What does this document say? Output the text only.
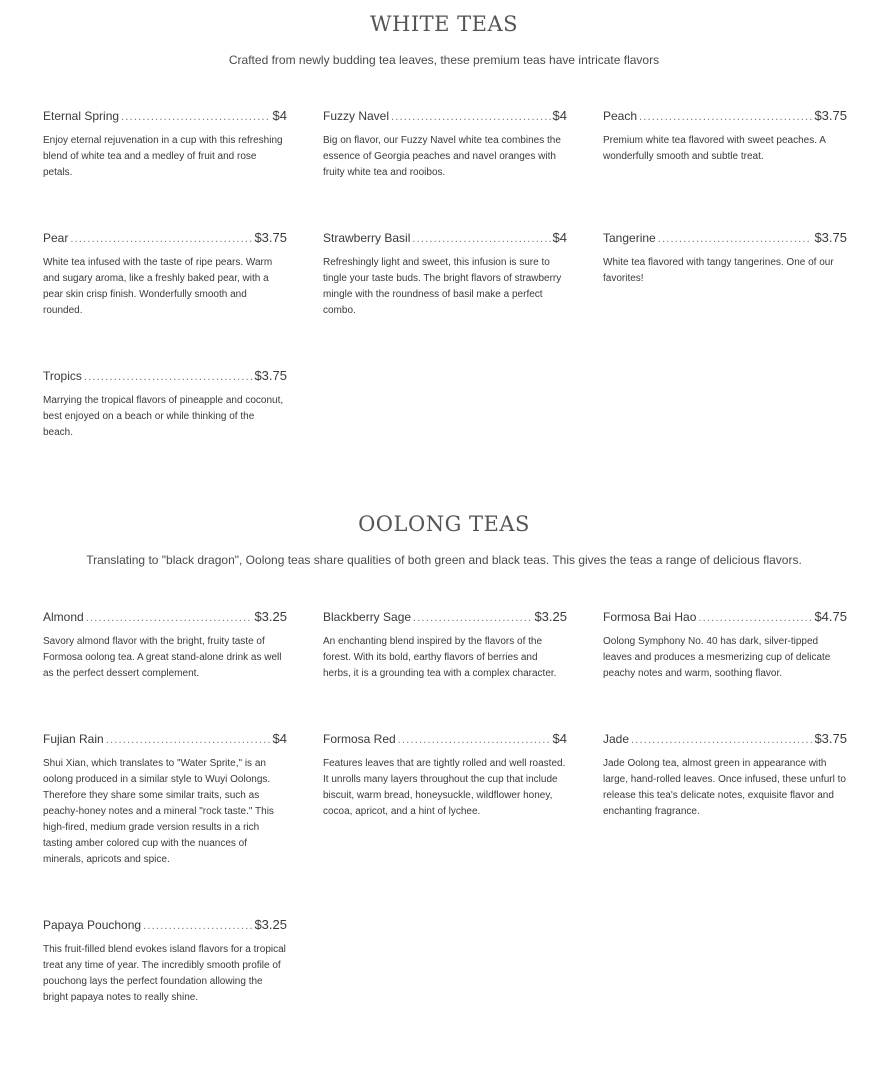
WHITE TEAS

Crafted from newly budding tea leaves, these premium teas have intricate flavors

Eternal Spring .....	$4
Enjoy eternal rejuvenation in a cup with this refreshing blend of white tea and a medley of fruit and rose petals.
Fuzzy Navel .....	$4
Big on flavor, our Fuzzy Navel white tea combines the essence of Georgia peaches and navel oranges with fruity white tea and rooibos.
Peach .....	$3.75
Premium white tea flavored with sweet peaches. A wonderfully smooth and subtle treat.
Pear .....	$3.75
White tea infused with the taste of ripe pears. Warm and sugary aroma, like a freshly baked pear, with a pear skin crisp finish. Wonderfully smooth and rounded.
Strawberry Basil .....	$4
Refreshingly light and sweet, this infusion is sure to tingle your taste buds. The bright flavors of strawberry mingle with the roundness of basil make a perfect combo.
Tangerine .....	$3.75
White tea flavored with tangy tangerines. One of our favorites!
Tropics .....	$3.75
Marrying the tropical flavors of pineapple and coconut, best enjoyed on a beach or while thinking of the beach.
OOLONG TEAS

Translating to "black dragon", Oolong teas share qualities of both green and black teas. This gives the teas a range of delicious flavors.

Almond .....	$3.25
Savory almond flavor with the bright, fruity taste of Formosa oolong tea. A great stand-alone drink as well as the perfect dessert complement.
Blackberry Sage .....	$3.25
An enchanting blend inspired by the flavors of the forest. With its bold, earthy flavors of berries and herbs, it is a grounding tea with a complex character.
Formosa Bai Hao .....	$4.75
Oolong Symphony No. 40 has dark, silver-tipped leaves and produces a mesmerizing cup of delicate peachy notes and warm, soothing flavor.
Fujian Rain .....	$4
Shui Xian, which translates to "Water Sprite," is an oolong produced in a similar style to Wuyi Oolongs. Therefore they share some similar traits, such as peachy-honey notes and a mineral "rock taste." This high-fired, medium grade version results in a rich tasting amber colored cup with the nuances of minerals, apricots and spice.
Formosa Red .....	$4
Features leaves that are tightly rolled and well roasted. It unrolls many layers throughout the cup that include biscuit, warm bread, honeysuckle, wildflower honey, cocoa, apricot, and a hint of lychee.
Jade .....	$3.75
Jade Oolong tea, almost green in appearance with large, hand-rolled leaves. Once infused, these unfurl to release this tea's delicate notes, exquisite flavor and enchanting fragrance.
Papaya Pouchong .....	$3.25
This fruit-filled blend evokes island flavors for a tropical treat any time of year. The incredibly smooth profile of pouchong lays the perfect foundation allowing the bright papaya notes to really shine.
